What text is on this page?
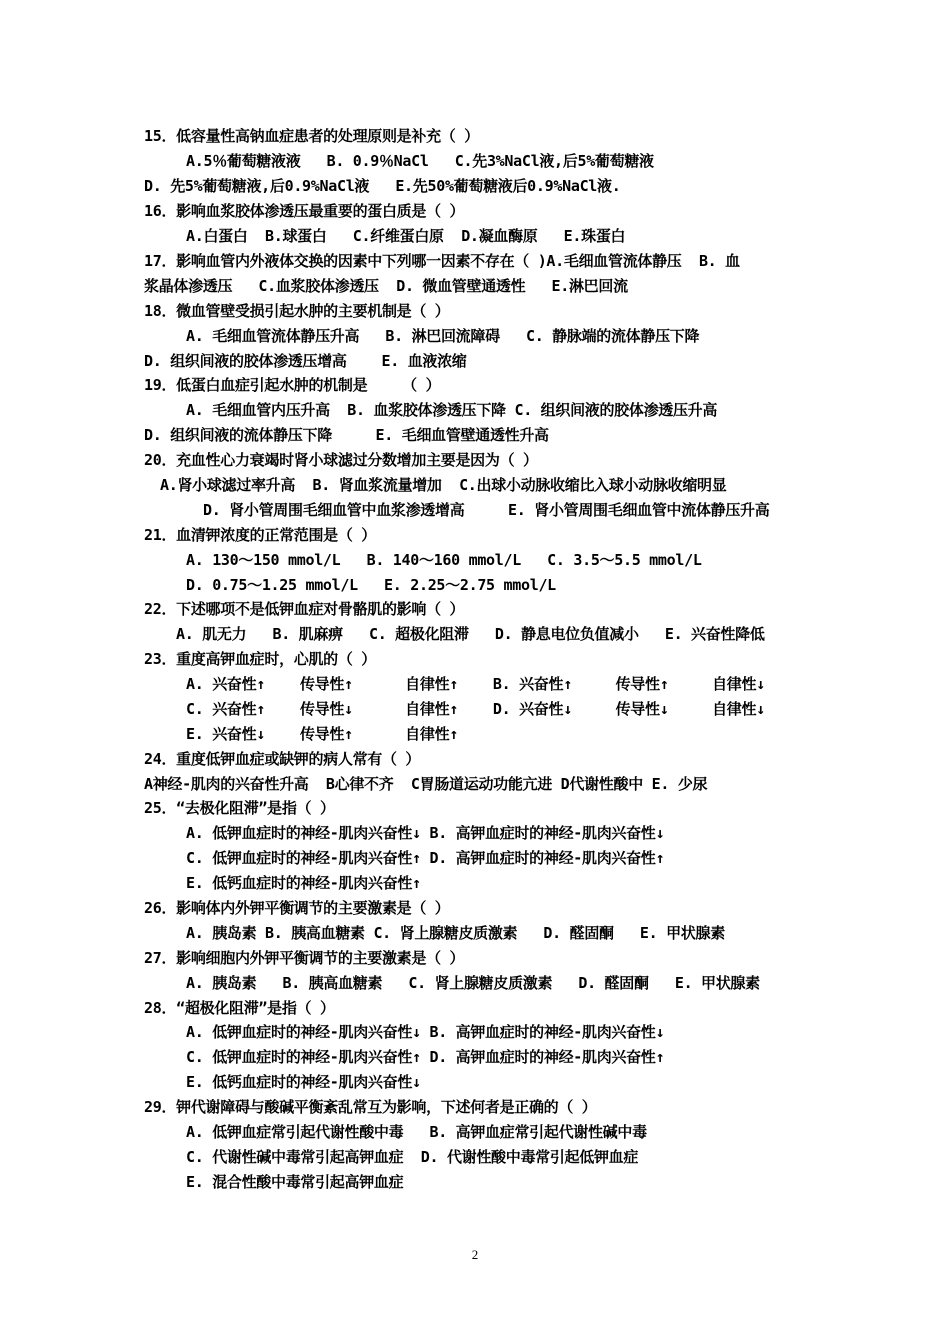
15．低容量性高钠血症患者的处理原则是补充（ ）
A.5％葡萄糖液液   B. 0.9％NaCl   C.先3%NaCl液,后5%葡萄糖液
D. 先5%葡萄糖液,后0.9%NaCl液   E.先50%葡萄糖液后0.9%NaCl液.
16．影响血浆胶体渗透压最重要的蛋白质是（ ）
A.白蛋白  B.球蛋白   C.纤维蛋白原  D.凝血酶原   E.珠蛋白
17．影响血管内外液体交换的因素中下列哪一因素不存在（ )A.毛细血管流体静压  B. 血
浆晶体渗透压   C.血浆胶体渗透压  D. 微血管壁通透性   E.淋巴回流
18．微血管壁受损引起水肿的主要机制是（ ）
A. 毛细血管流体静压升高   B. 淋巴回流障碍   C. 静脉端的流体静压下降
D. 组织间液的胶体渗透压增高    E. 血液浓缩
19．低蛋白血症引起水肿的机制是    （ ）
A. 毛细血管内压升高  B. 血浆胶体渗透压下降 C. 组织间液的胶体渗透压升高
D. 组织间液的流体静压下降     E. 毛细血管壁通透性升高
20．充血性心力衰竭时肾小球滤过分数增加主要是因为（ ）
A.肾小球滤过率升高  B. 肾血浆流量增加  C.出球小动脉收缩比入球小动脉收缩明显
D. 肾小管周围毛细血管中血浆渗透增高     E. 肾小管周围毛细血管中流体静压升高
21．血清钾浓度的正常范围是（ ）
A. 130～150 mmol/L   B. 140～160 mmol/L   C. 3.5～5.5 mmol/L
D. 0.75～1.25 mmol/L   E. 2.25～2.75 mmol/L
22．下述哪项不是低钾血症对骨骼肌的影响（ ）
A. 肌无力   B. 肌麻痹   C. 超极化阻滞   D. 静息电位负值减小   E. 兴奋性降低
23．重度高钾血症时，心肌的（ ）
A. 兴奋性↑    传导性↑      自律性↑    B. 兴奋性↑     传导性↑     自律性↓
C. 兴奋性↑    传导性↓      自律性↑    D. 兴奋性↓     传导性↓     自律性↓
E. 兴奋性↓    传导性↑      自律性↑
24．重度低钾血症或缺钾的病人常有（ ）
A神经-肌肉的兴奋性升高  B心律不齐  C胃肠道运动功能亢进 D代谢性酸中 E. 少尿
25．“去极化阻滞”是指（ ）
A. 低钾血症时的神经-肌肉兴奋性↓ B. 高钾血症时的神经-肌肉兴奋性↓
C. 低钾血症时的神经-肌肉兴奋性↑ D. 高钾血症时的神经-肌肉兴奋性↑
E. 低钙血症时的神经-肌肉兴奋性↑
26．影响体内外钾平衡调节的主要激素是（ ）
A. 胰岛素 B. 胰高血糖素 C. 肾上腺糖皮质激素   D. 醛固酮   E. 甲状腺素
27．影响细胞内外钾平衡调节的主要激素是（ ）
A. 胰岛素   B. 胰高血糖素   C. 肾上腺糖皮质激素   D. 醛固酮   E. 甲状腺素
28．“超极化阻滞”是指（ ）
A. 低钾血症时的神经-肌肉兴奋性↓ B. 高钾血症时的神经-肌肉兴奋性↓
C. 低钾血症时的神经-肌肉兴奋性↑ D. 高钾血症时的神经-肌肉兴奋性↑
E. 低钙血症时的神经-肌肉兴奋性↓
29．钾代谢障碍与酸碱平衡紊乱常互为影响，下述何者是正确的（ ）
A. 低钾血症常引起代谢性酸中毒   B. 高钾血症常引起代谢性碱中毒
C. 代谢性碱中毒常引起高钾血症  D. 代谢性酸中毒常引起低钾血症
E. 混合性酸中毒常引起高钾血症
2
